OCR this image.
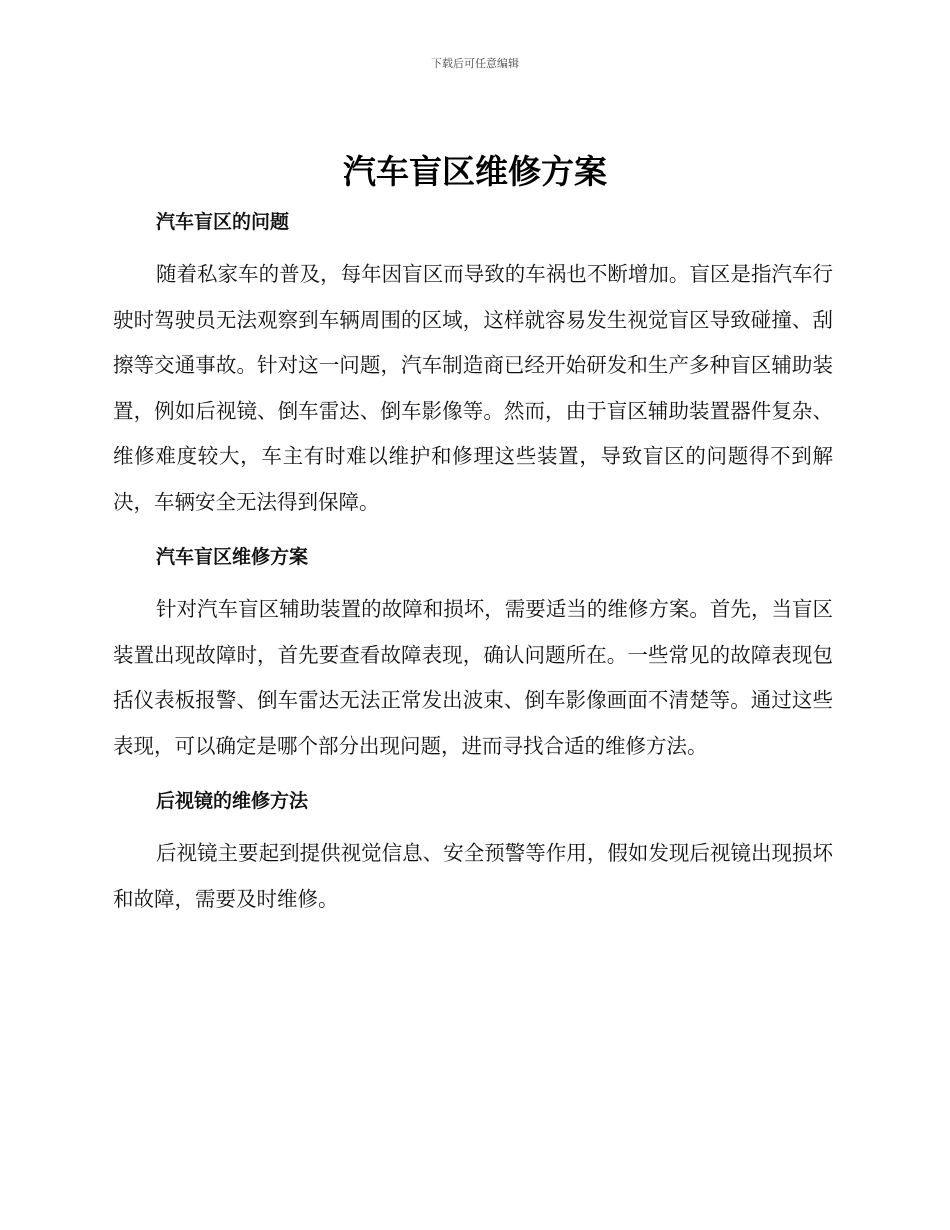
下载后可任意编辑
汽车盲区维修方案
汽车盲区的问题

随着私家车的普及，每年因盲区而导致的车祸也不断增加。盲区是指汽车行驶时驾驶员无法观察到车辆周围的区域，这样就容易发生视觉盲区导致碰撞、刮擦等交通事故。针对这一问题，汽车制造商已经开始研发和生产多种盲区辅助装置，例如后视镜、倒车雷达、倒车影像等。然而，由于盲区辅助装置器件复杂、维修难度较大，车主有时难以维护和修理这些装置，导致盲区的问题得不到解决，车辆安全无法得到保障。

汽车盲区维修方案

针对汽车盲区辅助装置的故障和损坏，需要适当的维修方案。首先，当盲区装置出现故障时，首先要查看故障表现，确认问题所在。一些常见的故障表现包括仪表板报警、倒车雷达无法正常发出波束、倒车影像画面不清楚等。通过这些表现，可以确定是哪个部分出现问题，进而寻找合适的维修方法。

后视镜的维修方法

后视镜主要起到提供视觉信息、安全预警等作用，假如发现后视镜出现损坏和故障，需要及时维修。
